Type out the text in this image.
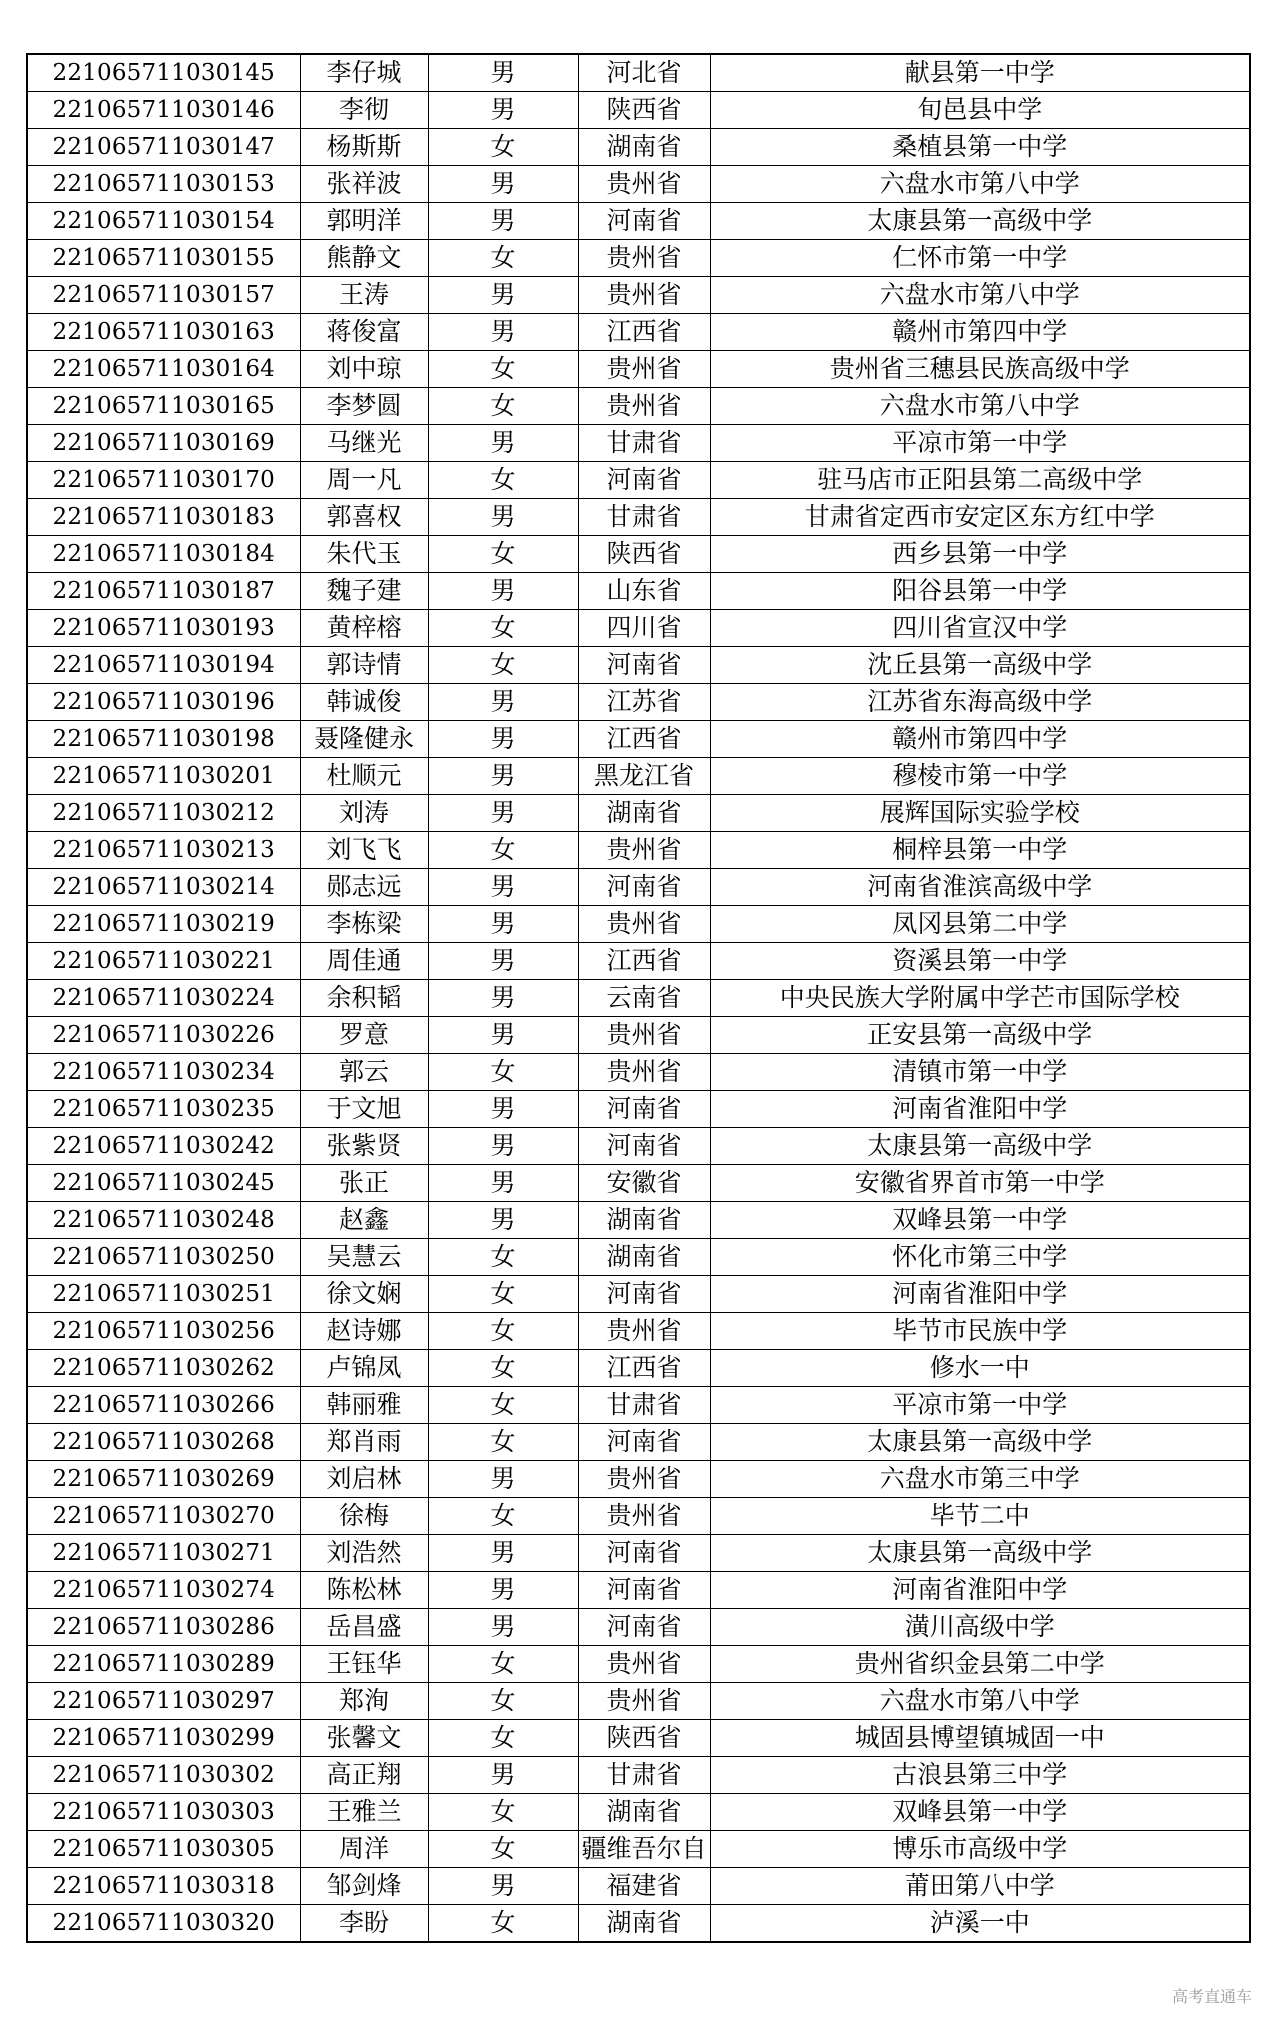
221065711030145	李仔城	男	河北省	献县第一中学
221065711030146	李彻	男	陕西省	旬邑县中学
221065711030147	杨斯斯	女	湖南省	桑植县第一中学
221065711030153	张祥波	男	贵州省	六盘水市第八中学
221065711030154	郭明洋	男	河南省	太康县第一高级中学
221065711030155	熊静文	女	贵州省	仁怀市第一中学
221065711030157	王涛	男	贵州省	六盘水市第八中学
221065711030163	蒋俊富	男	江西省	赣州市第四中学
221065711030164	刘中琼	女	贵州省	贵州省三穗县民族高级中学
221065711030165	李梦圆	女	贵州省	六盘水市第八中学
221065711030169	马继光	男	甘肃省	平凉市第一中学
221065711030170	周一凡	女	河南省	驻马店市正阳县第二高级中学
221065711030183	郭喜权	男	甘肃省	甘肃省定西市安定区东方红中学
221065711030184	朱代玉	女	陕西省	西乡县第一中学
221065711030187	魏子建	男	山东省	阳谷县第一中学
221065711030193	黄梓榕	女	四川省	四川省宣汉中学
221065711030194	郭诗情	女	河南省	沈丘县第一高级中学
221065711030196	韩诚俊	男	江苏省	江苏省东海高级中学
221065711030198	聂隆健永	男	江西省	赣州市第四中学
221065711030201	杜顺元	男	黑龙江省	穆棱市第一中学
221065711030212	刘涛	男	湖南省	展辉国际实验学校
221065711030213	刘飞飞	女	贵州省	桐梓县第一中学
221065711030214	郧志远	男	河南省	河南省淮滨高级中学
221065711030219	李栋梁	男	贵州省	凤冈县第二中学
221065711030221	周佳通	男	江西省	资溪县第一中学
221065711030224	余积韬	男	云南省	中央民族大学附属中学芒市国际学校
221065711030226	罗意	男	贵州省	正安县第一高级中学
221065711030234	郭云	女	贵州省	清镇市第一中学
221065711030235	于文旭	男	河南省	河南省淮阳中学
221065711030242	张紫贤	男	河南省	太康县第一高级中学
221065711030245	张正	男	安徽省	安徽省界首市第一中学
221065711030248	赵鑫	男	湖南省	双峰县第一中学
221065711030250	吴慧云	女	湖南省	怀化市第三中学
221065711030251	徐文娴	女	河南省	河南省淮阳中学
221065711030256	赵诗娜	女	贵州省	毕节市民族中学
221065711030262	卢锦凤	女	江西省	修水一中
221065711030266	韩丽雅	女	甘肃省	平凉市第一中学
221065711030268	郑肖雨	女	河南省	太康县第一高级中学
221065711030269	刘启林	男	贵州省	六盘水市第三中学
221065711030270	徐梅	女	贵州省	毕节二中
221065711030271	刘浩然	男	河南省	太康县第一高级中学
221065711030274	陈松林	男	河南省	河南省淮阳中学
221065711030286	岳昌盛	男	河南省	潢川高级中学
221065711030289	王钰华	女	贵州省	贵州省织金县第二中学
221065711030297	郑洵	女	贵州省	六盘水市第八中学
221065711030299	张馨文	女	陕西省	城固县博望镇城固一中
221065711030302	高正翔	男	甘肃省	古浪县第三中学
221065711030303	王雅兰	女	湖南省	双峰县第一中学
221065711030305	周洋	女	疆维吾尔自	博乐市高级中学
221065711030318	邹剑烽	男	福建省	莆田第八中学
221065711030320	李盼	女	湖南省	泸溪一中
高考直通车
